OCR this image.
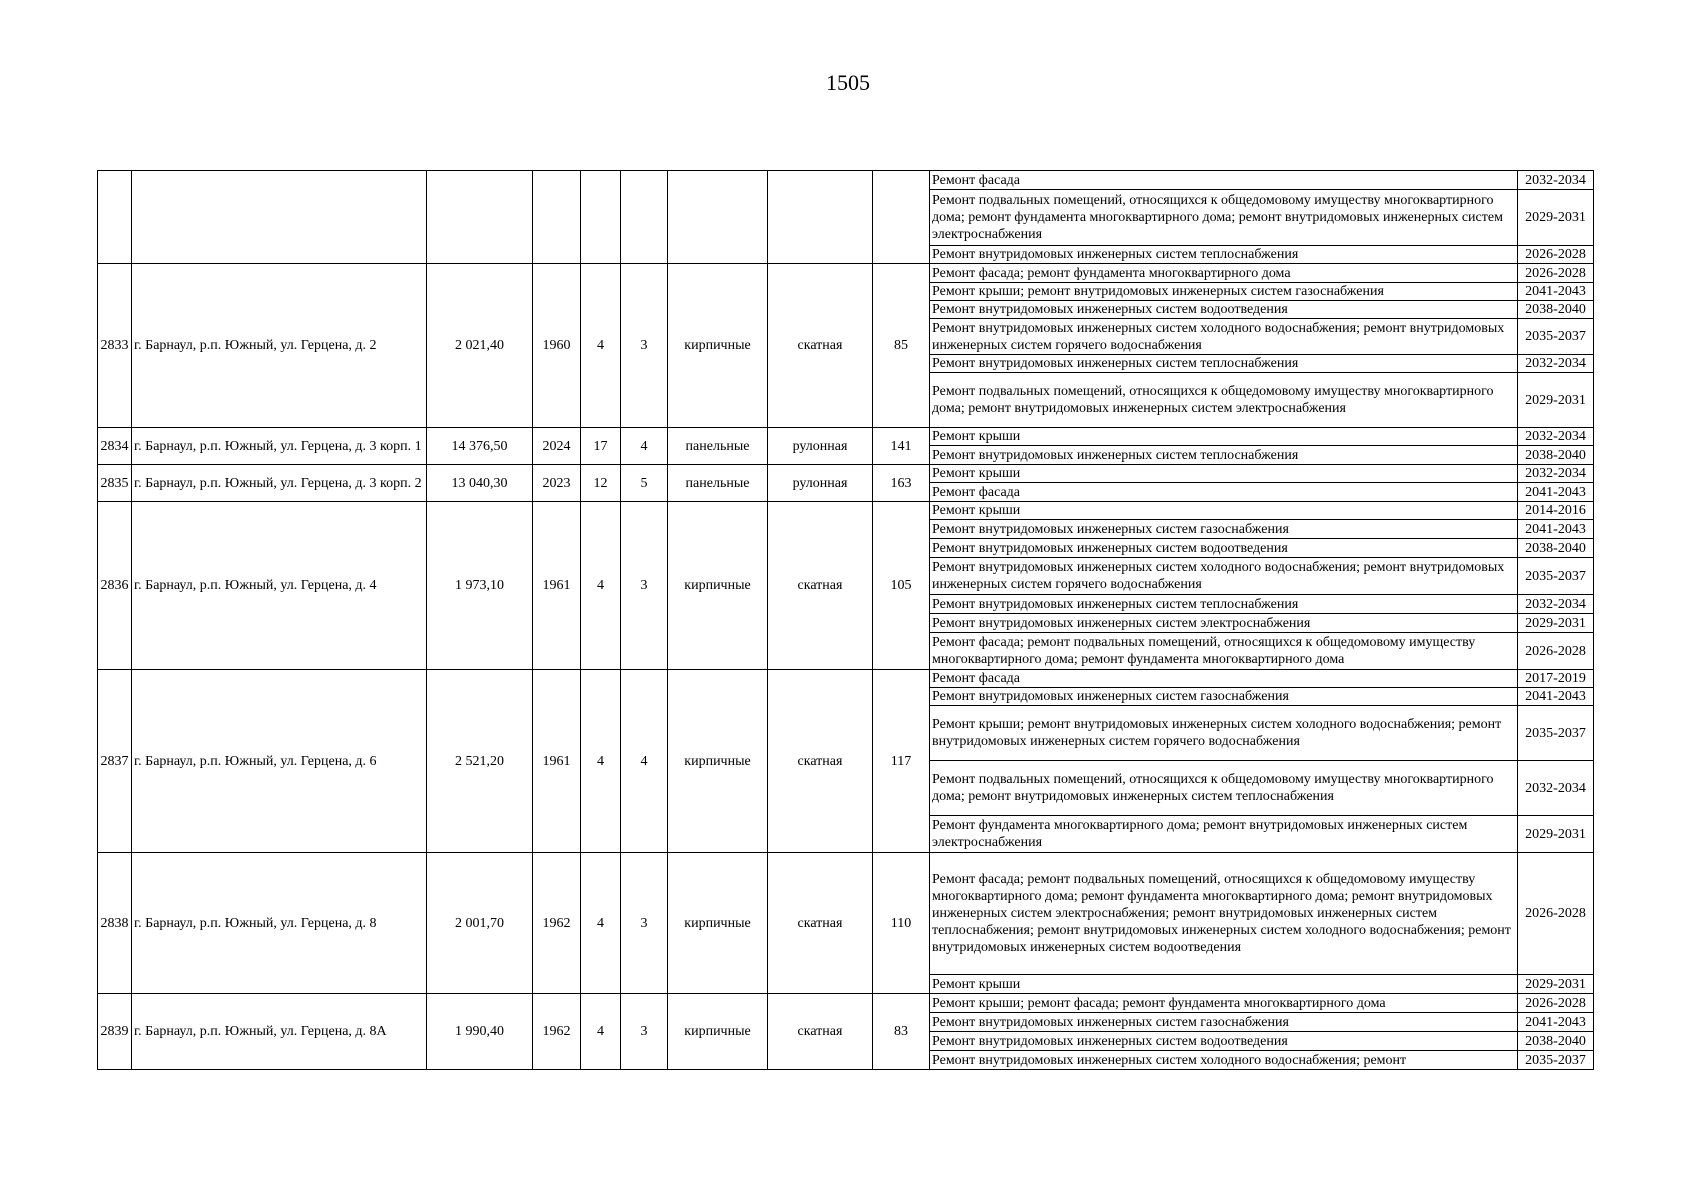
1505
									Ремонт фасада	2032-2034
									Ремонт подвальных помещений, относящихся к общедомовому имуществу многоквартирного дома; ремонт фундамента многоквартирного дома; ремонт внутридомовых инженерных систем электроснабжения	2029-2031
									Ремонт внутридомовых инженерных систем теплоснабжения	2026-2028
2833	г. Барнаул, р.п. Южный, ул. Герцена, д. 2	2 021,40	1960	4	3	кирпичные	скатная	85	Ремонт фасада; ремонт фундамента многоквартирного дома	2026-2028
									Ремонт крыши; ремонт внутридомовых инженерных систем газоснабжения	2041-2043
									Ремонт внутридомовых инженерных систем водоотведения	2038-2040
									Ремонт внутридомовых инженерных систем холодного водоснабжения; ремонт внутридомовых инженерных систем горячего водоснабжения	2035-2037
									Ремонт внутридомовых инженерных систем теплоснабжения	2032-2034
									Ремонт подвальных помещений, относящихся к общедомовому имуществу многоквартирного дома; ремонт внутридомовых инженерных систем электроснабжения	2029-2031
2834	г. Барнаул, р.п. Южный, ул. Герцена, д. 3 корп. 1	14 376,50	2024	17	4	панельные	рулонная	141	Ремонт крыши	2032-2034
									Ремонт внутридомовых инженерных систем теплоснабжения	2038-2040
2835	г. Барнаул, р.п. Южный, ул. Герцена, д. 3 корп. 2	13 040,30	2023	12	5	панельные	рулонная	163	Ремонт крыши	2032-2034
									Ремонт фасада	2041-2043
2836	г. Барнаул, р.п. Южный, ул. Герцена, д. 4	1 973,10	1961	4	3	кирпичные	скатная	105	Ремонт крыши	2014-2016
									Ремонт внутридомовых инженерных систем газоснабжения	2041-2043
									Ремонт внутридомовых инженерных систем водоотведения	2038-2040
									Ремонт внутридомовых инженерных систем холодного водоснабжения; ремонт внутридомовых инженерных систем горячего водоснабжения	2035-2037
									Ремонт внутридомовых инженерных систем теплоснабжения	2032-2034
									Ремонт внутридомовых инженерных систем электроснабжения	2029-2031
									Ремонт фасада; ремонт подвальных помещений, относящихся к общедомовому имуществу многоквартирного дома; ремонт фундамента многоквартирного дома	2026-2028
2837	г. Барнаул, р.п. Южный, ул. Герцена, д. 6	2 521,20	1961	4	4	кирпичные	скатная	117	Ремонт фасада	2017-2019
									Ремонт внутридомовых инженерных систем газоснабжения	2041-2043
									Ремонт крыши; ремонт внутридомовых инженерных систем холодного водоснабжения; ремонт внутридомовых инженерных систем горячего водоснабжения	2035-2037
									Ремонт подвальных помещений, относящихся к общедомовому имуществу многоквартирного дома; ремонт внутридомовых инженерных систем теплоснабжения	2032-2034
									Ремонт фундамента многоквартирного дома; ремонт внутридомовых инженерных систем электроснабжения	2029-2031
2838	г. Барнаул, р.п. Южный, ул. Герцена, д. 8	2 001,70	1962	4	3	кирпичные	скатная	110	Ремонт фасада; ремонт подвальных помещений, относящихся к общедомовому имуществу многоквартирного дома; ремонт фундамента многоквартирного дома; ремонт внутридомовых инженерных систем электроснабжения; ремонт внутридомовых инженерных систем теплоснабжения; ремонт внутридомовых инженерных систем холодного водоснабжения; ремонт внутридомовых инженерных систем водоотведения	2026-2028
									Ремонт крыши	2029-2031
2839	г. Барнаул, р.п. Южный, ул. Герцена, д. 8А	1 990,40	1962	4	3	кирпичные	скатная	83	Ремонт крыши; ремонт фасада; ремонт фундамента многоквартирного дома	2026-2028
									Ремонт внутридомовых инженерных систем газоснабжения	2041-2043
									Ремонт внутридомовых инженерных систем водоотведения	2038-2040
									Ремонт внутридомовых инженерных систем холодного водоснабжения; ремонт	2035-2037
